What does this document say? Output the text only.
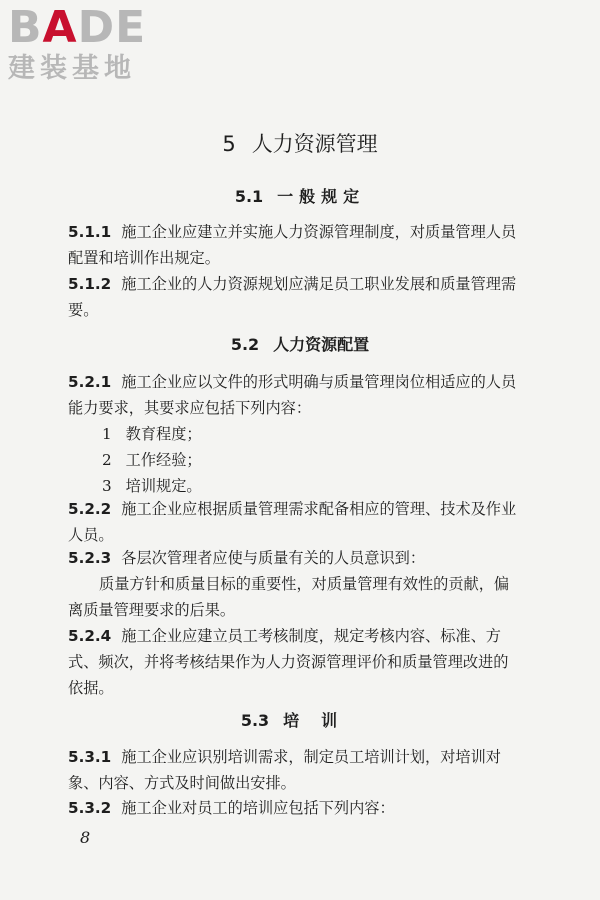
BADE
建装基地
5 人力资源管理
5.1 一般规定
5.1.1 施工企业应建立并实施人力资源管理制度，对质量管理人员配置和培训作出规定。
5.1.2 施工企业的人力资源规划应满足员工职业发展和质量管理需要。
5.2 人力资源配置
5.2.1 施工企业应以文件的形式明确与质量管理岗位相适应的人员能力要求，其要求应包括下列内容：
1 教育程度；
2 工作经验；
3 培训规定。
5.2.2 施工企业应根据质量管理需求配备相应的管理、技术及作业人员。
5.2.3 各层次管理者应使与质量有关的人员意识到：
质量方针和质量目标的重要性，对质量管理有效性的贡献，偏离质量管理要求的后果。
5.2.4 施工企业应建立员工考核制度，规定考核内容、标准、方式、频次，并将考核结果作为人力资源管理评价和质量管理改进的依据。
5.3 培训
5.3.1 施工企业应识别培训需求，制定员工培训计划，对培训对象、内容、方式及时间做出安排。
5.3.2 施工企业对员工的培训应包括下列内容：
8
